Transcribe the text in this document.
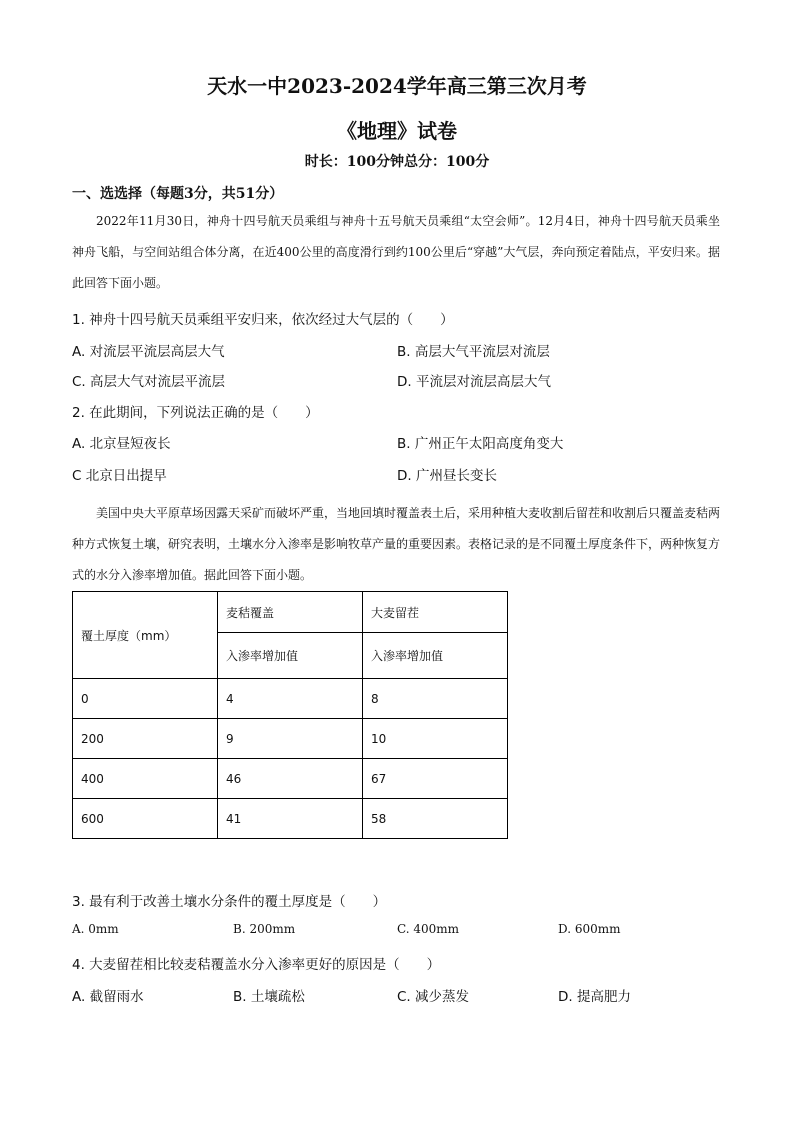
天水一中2023-2024学年高三第三次月考
《地理》试卷
时长：100分钟总分：100分
一、选选择（每题3分，共51分）
2022年11月30日，神舟十四号航天员乘组与神舟十五号航天员乘组“太空会师”。12月4日，神舟十四号航天员乘坐神舟飞船，与空间站组合体分离，在近400公里的高度滑行到约100公里后“穿越”大气层，奔向预定着陆点，平安归来。据此回答下面小题。
1. 神舟十四号航天员乘组平安归来，依次经过大气层的（　　）
A. 对流层平流层高层大气	B. 高层大气平流层对流层
C. 高层大气对流层平流层	D. 平流层对流层高层大气
2. 在此期间，下列说法正确的是（　　）
A. 北京昼短夜长	B. 广州正午太阳高度角变大
C 北京日出提早	D. 广州昼长变长
美国中央大平原草场因露天采矿而破坏严重，当地回填时覆盖表土后，采用种植大麦收割后留茬和收割后只覆盖麦秸两种方式恢复土壤，研究表明，土壤水分入渗率是影响牧草产量的重要因素。表格记录的是不同覆土厚度条件下，两种恢复方式的水分入渗率增加值。据此回答下面小题。
覆土厚度（mm）	麦秸覆盖	大麦留茬
	入渗率增加值	入渗率增加值
0	4	8
200	9	10
400	46	67
600	41	58
3. 最有利于改善土壤水分条件的覆土厚度是（　　）
A. 0mm	B. 200mm	C. 400mm	D. 600mm
4. 大麦留茬相比较麦秸覆盖水分入渗率更好的原因是（　　）
A. 截留雨水	B. 土壤疏松	C. 减少蒸发	D. 提高肥力
